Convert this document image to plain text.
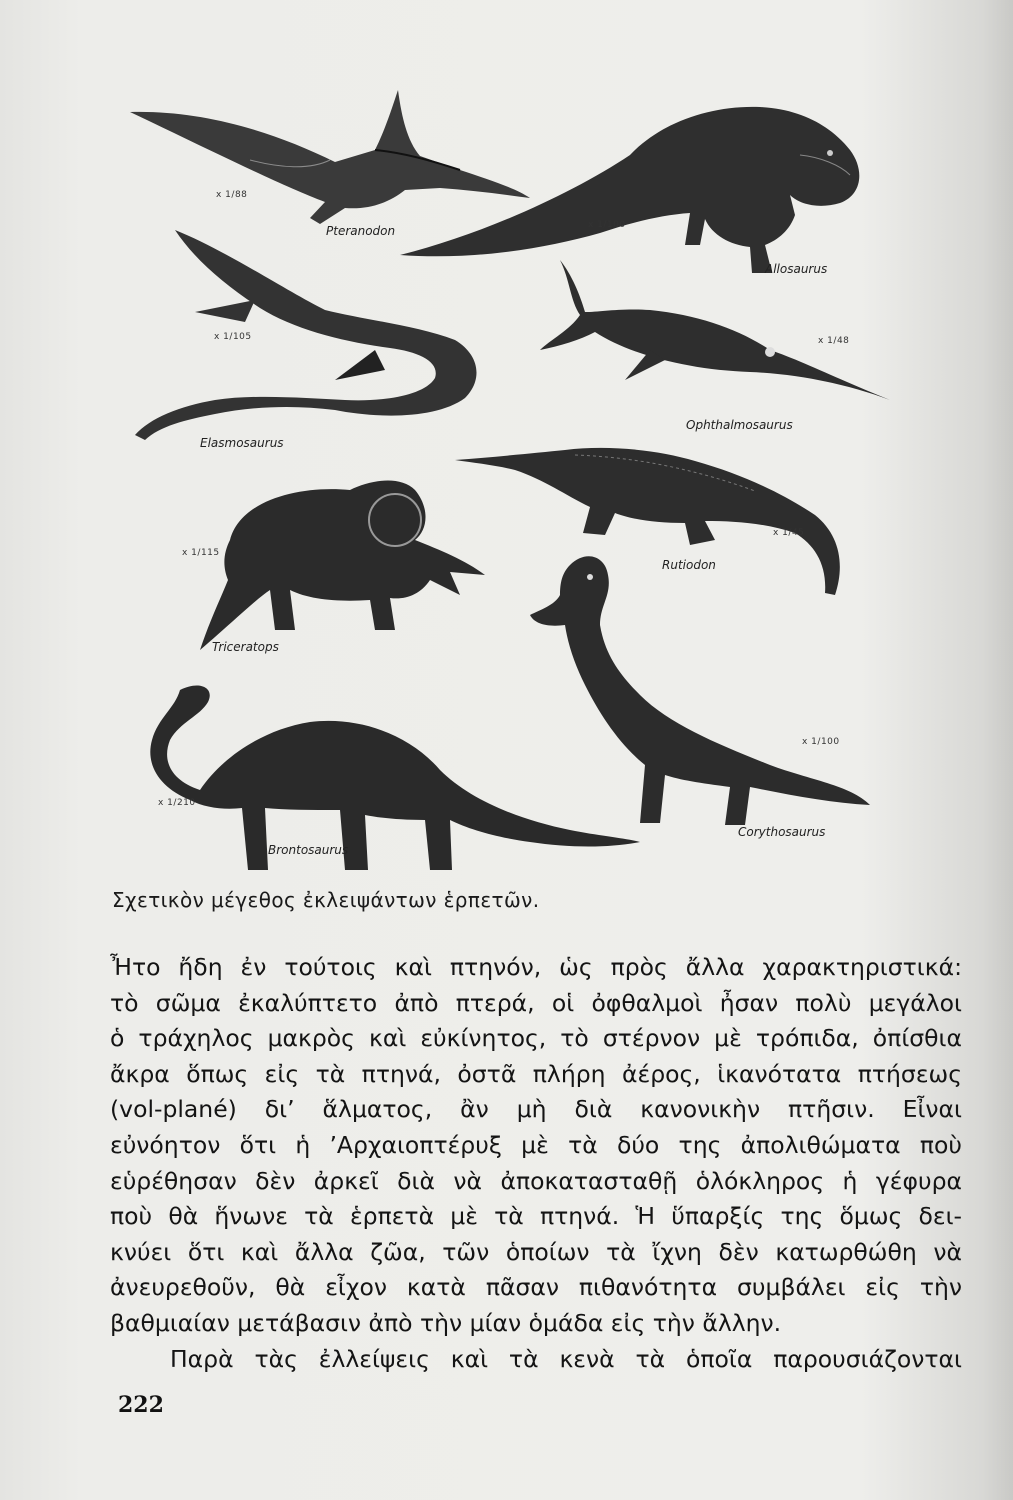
x 1/88
Pteranodon	x 1/100
Allosaurus
x 1/105
Elasmosaurus
x 1/48
Ophthalmosaurus
x 1/45
Rutiodon
x 1/115
Triceratops
x 1/100
Corythosaurus
x 1/210
Brontosaurus
Σχετικὸν μέγεθος ἐκλειψάντων ἑρπετῶν.

Ἦτο ἤδη ἐν τούτοις καὶ πτηνόν, ὡς πρὸς ἄλλα χαρακτηριστικά:
τὸ σῶμα ἐκαλύπτετο ἀπὸ πτερά, οἱ ὀφθαλμοὶ ἦσαν πολὺ μεγάλοι
ὁ τράχηλος μακρὸς καὶ εὐκίνητος, τὸ στέρνον μὲ τρόπιδα, ὀπίσθια
ἄκρα ὅπως εἰς τὰ πτηνά, ὀστᾶ πλήρη ἀέρος, ἱκανότατα πτήσεως
(vol-plané) δι’ ἅλματος, ἂν μὴ διὰ κανονικὴν πτῆσιν. Εἶναι
εὐνόητον ὅτι ἡ ’Αρχαιοπτέρυξ μὲ τὰ δύο της ἀπολιθώματα ποὺ
εὑρέθησαν δὲν ἀρκεῖ διὰ νὰ ἀποκατασταθῇ ὁλόκληρος ἡ γέφυρα
ποὺ θὰ ἥνωνε τὰ ἑρπετὰ μὲ τὰ πτηνά. Ἡ ὕπαρξίς της ὅμως δει-
κνύει ὅτι καὶ ἄλλα ζῶα, τῶν ὁποίων τὰ ἴχνη δὲν κατωρθώθη νὰ
ἀνευρεθοῦν, θὰ εἶχον κατὰ πᾶσαν πιθανότητα συμβάλει εἰς τὴν
βαθμιαίαν μετάβασιν ἀπὸ τὴν μίαν ὁμάδα εἰς τὴν ἄλλην.

Παρὰ τὰς ἐλλείψεις καὶ τὰ κενὰ τὰ ὁποῖα παρουσιάζονται

222
